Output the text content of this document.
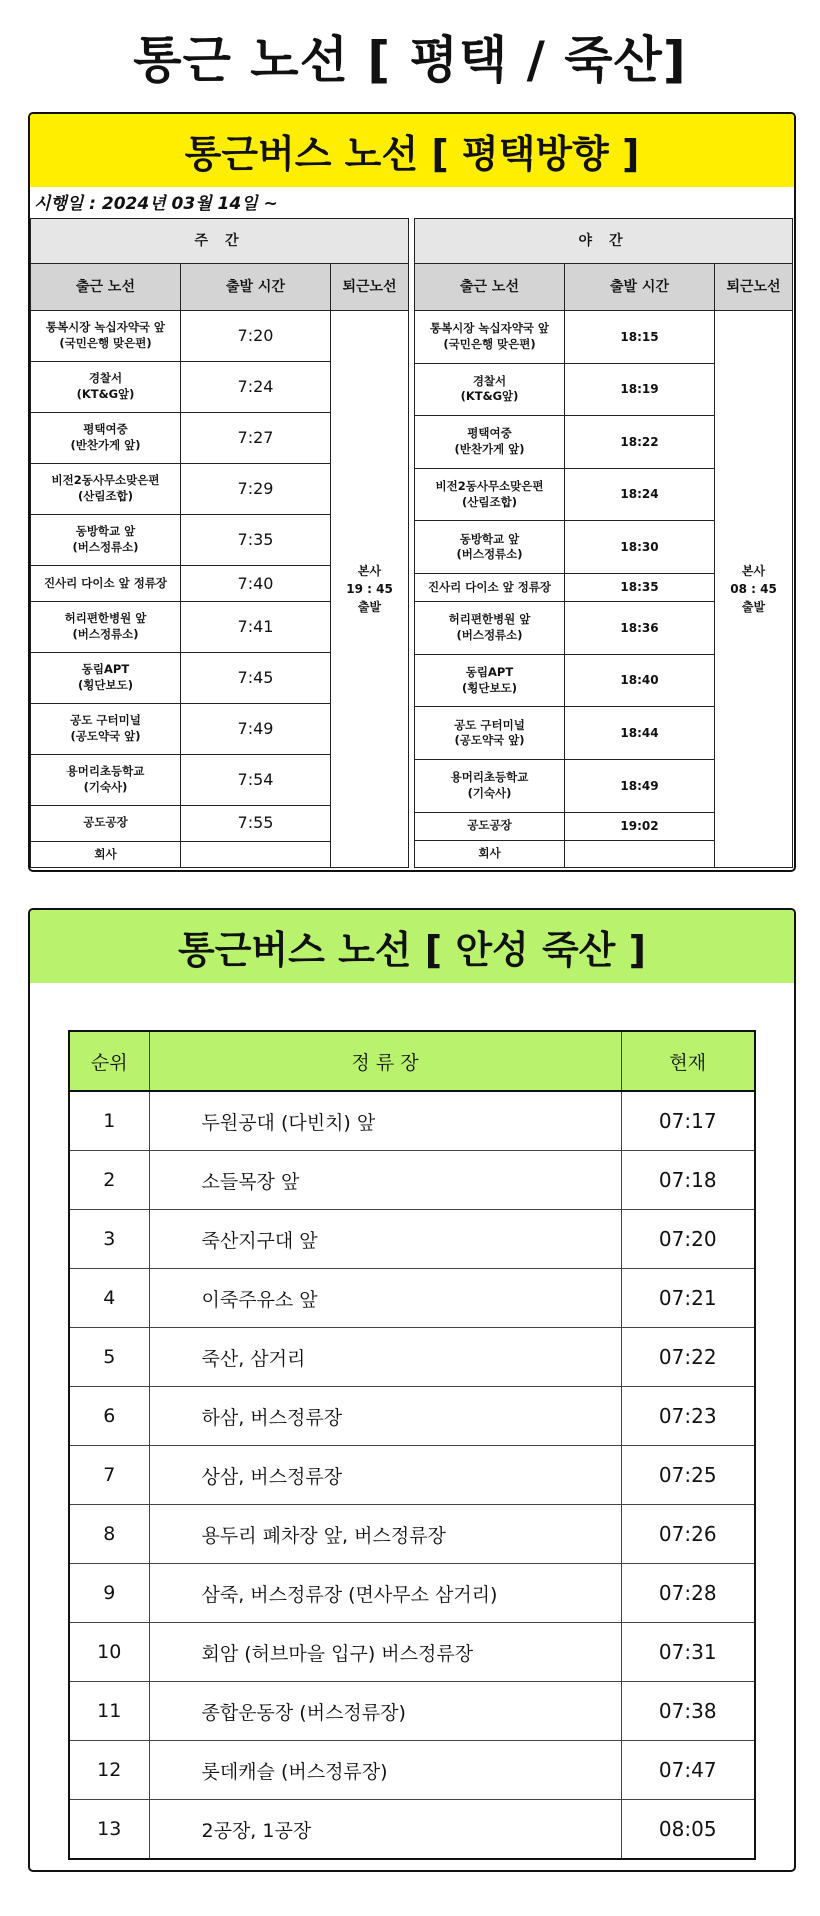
통근 노선 [ 평택 / 죽산]
통근버스 노선 [ 평택방향 ]
시행일 : 2024년 03월 14일 ~
주 간		
출근 노선	출발 시간	퇴근노선

통복시장 녹십자약국 앞
(국민은행 맞은편)	7:20	본사
19 : 45
출발

경찰서
(KT&G앞)	7:24	

평택여중
(반찬가게 앞)	7:27	

비전2동사무소맞은편
(산림조합)	7:29	

동방학교 앞
(버스정류소)	7:35	

진사리 다이소 앞 정류장	7:40	

허리편한병원 앞
(버스정류소)	7:41	

동림APT
(횡단보도)	7:45	

공도 구터미널
(공도약국 앞)	7:49	

용머리초등학교
(기숙사)	7:54	

공도공장	7:55	

회사		

야 간		
출근 노선	출발 시간	퇴근노선

통복시장 녹십자약국 앞
(국민은행 맞은편)	18:15	본사
08 : 45
출발

경찰서
(KT&G앞)	18:19	

평택여중
(반찬가게 앞)	18:22	

비전2동사무소맞은편
(산림조합)	18:24	

동방학교 앞
(버스정류소)	18:30	

진사리 다이소 앞 정류장	18:35	

허리편한병원 앞
(버스정류소)	18:36	

동림APT
(횡단보도)	18:40	

공도 구터미널
(공도약국 앞)	18:44	

용머리초등학교
(기숙사)	18:49	

공도공장	19:02	

회사		

통근버스 노선 [ 안성 죽산 ]
순위	정 류 장	현재
1	두원공대 (다빈치) 앞	07:17
2	소들목장 앞	07:18
3	죽산지구대 앞	07:20
4	이죽주유소 앞	07:21
5	죽산, 삼거리	07:22
6	하삼, 버스정류장	07:23
7	상삼, 버스정류장	07:25
8	용두리 폐차장 앞, 버스정류장	07:26
9	삼죽, 버스정류장 (면사무소 삼거리)	07:28
10	회암 (허브마을 입구) 버스정류장	07:31
11	종합운동장 (버스정류장)	07:38
12	롯데캐슬 (버스정류장)	07:47
13	2공장, 1공장	08:05
